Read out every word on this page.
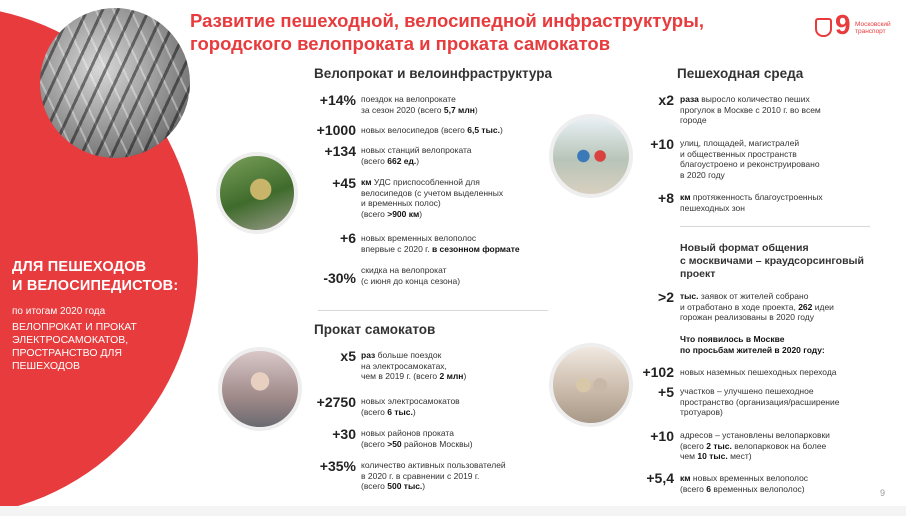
ДЛЯ ПЕШЕХОДОВ
И ВЕЛОСИПЕДИСТОВ:
по итогам 2020 года
ВЕЛОПРОКАТ И ПРОКАТ
ЭЛЕКТРОСАМОКАТОВ,
ПРОСТРАНСТВО ДЛЯ
ПЕШЕХОДОВ
Развитие пешеходной, велосипедной инфраструктуры,
городского велопроката и проката самокатов
9 Московский транспорт
Велопрокат и велоинфраструктура
+14% поездок на велопрокате
за сезон 2020 (всего 5,7 млн)
+1000 новых велосипедов (всего 6,5 тыс.)
+134 новых станций велопроката
(всего 662 ед.)
+45 км УДС приспособленной для
велосипедов (с учетом выделенных
и временных полос)
(всего >900 км)
+6 новых временных велополос
впервые с 2020 г. в сезонном формате
-30% скидка на велопрокат
(с июня до конца сезона)
Прокат самокатов
x5 раз больше поездок
на электросамокатах,
чем в 2019 г. (всего 2 млн)
+2750 новых электросамокатов
(всего 6 тыс.)
+30 новых районов проката
(всего >50 районов Москвы)
+35% количество активных пользователей
в 2020 г. в сравнении с 2019 г.
(всего 500 тыс.)
Пешеходная среда
x2 раза выросло количество пеших
прогулок в Москве с 2010 г. во всем
городе
+10 улиц, площадей, магистралей
и общественных пространств
благоустроено и реконструировано
в 2020 году
+8 км протяженность благоустроенных
пешеходных зон
Новый формат общения
с москвичами – краудсорсинговый
проект
>2 тыс. заявок от жителей собрано
и отработано в ходе проекта, 262 идеи
горожан реализованы в 2020 году
Что появилось в Москве
по просьбам жителей в 2020 году:
+102 новых наземных пешеходных перехода
+5 участков – улучшено пешеходное
пространство (организация/расширение
тротуаров)
+10 адресов – установлены велопарковки
(всего 2 тыс. велопарковок на более
чем 10 тыс. мест)
+5,4 км новых временных велополос
(всего 6 временных велополос)	9
